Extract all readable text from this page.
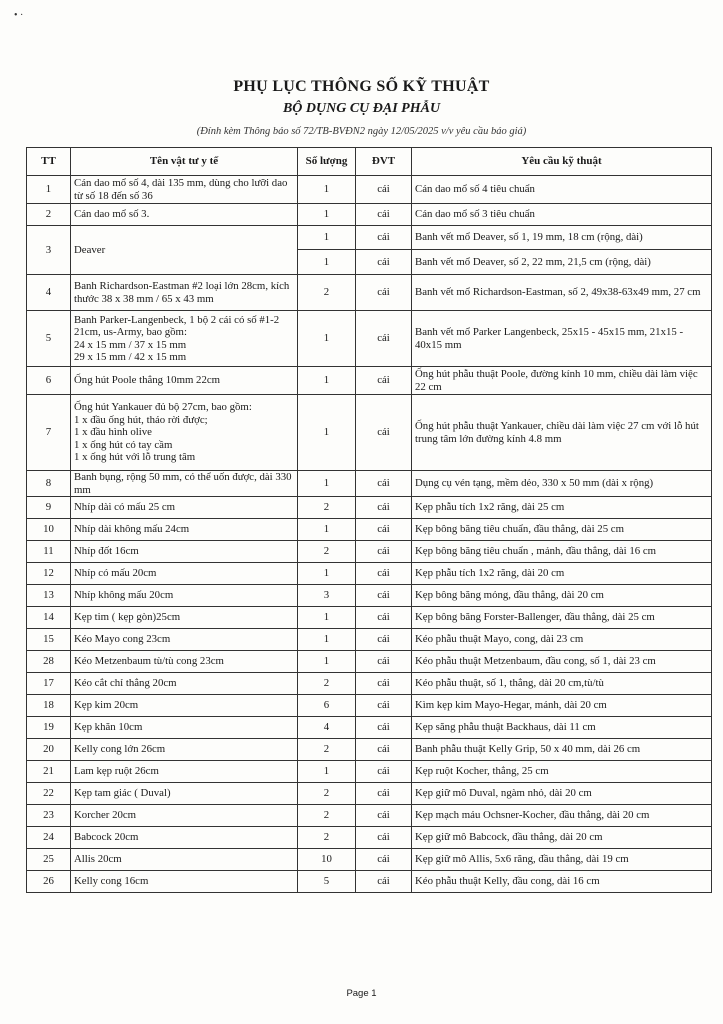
• ·
PHỤ LỤC THÔNG SỐ KỸ THUẬT
BỘ DỤNG CỤ ĐẠI PHẪU
(Đính kèm Thông báo số 72/TB-BVĐN2 ngày 12/05/2025 v/v yêu cầu báo giá)
TT	Tên vật tư y tế	Số lượng	ĐVT	Yêu cầu kỹ thuật
1	Cán dao mổ số 4, dài 135 mm, dùng cho lưỡi dao từ số 18 đến số 36	1	cái	Cán dao mổ số 4 tiêu chuẩn
2	Cán dao mổ số 3.	1	cái	Cán dao mổ số 3 tiêu chuẩn
3	Deaver	1	cái	Banh vết mổ Deaver, số 1, 19 mm, 18 cm (rộng, dài)
		1	cái	Banh vết mổ Deaver, số 2, 22 mm, 21,5 cm (rộng, dài)
4	Banh Richardson-Eastman #2 loại lớn 28cm, kích thước 38 x 38 mm / 65 x 43 mm	2	cái	Banh vết mổ Richardson-Eastman, số 2, 49x38-63x49 mm, 27 cm
5	Banh Parker-Langenbeck, 1 bộ 2 cái có số #1-2 21cm, us-Army, bao gồm:
24 x 15 mm / 37 x 15 mm
29 x 15 mm / 42 x 15 mm	1	cái	Banh vết mổ Parker Langenbeck, 25x15 - 45x15 mm, 21x15 - 40x15 mm
6	Ống hút Poole thẳng 10mm 22cm	1	cái	Ống hút phẫu thuật Poole, đường kính 10 mm, chiều dài làm việc 22 cm
7	Ống hút Yankauer đủ bộ 27cm, bao gồm:
1 x đầu ống hút, tháo rời được;
1 x đầu hình olive
1 x ống hút có tay cầm
1 x ống hút với lỗ trung tâm	1	cái	Ống hút phẫu thuật Yankauer, chiều dài làm việc 27 cm với lỗ hút trung tâm lớn đường kính 4.8 mm
8	Banh bụng, rộng 50 mm, có thể uốn được, dài 330 mm	1	cái	Dụng cụ vén tạng, mềm dẻo, 330 x 50 mm (dài x rộng)
9	Nhíp dài có mấu 25 cm	2	cái	Kẹp phẫu tích 1x2 răng, dài 25 cm
10	Nhíp dài không mấu 24cm	1	cái	Kẹp bông băng tiêu chuẩn, đầu thẳng, dài 25 cm
11	Nhíp đốt 16cm	2	cái	Kẹp bông băng tiêu chuẩn , mảnh, đầu thẳng, dài 16 cm
12	Nhíp có mấu 20cm	1	cái	Kẹp phẫu tích 1x2 răng, dài 20 cm
13	Nhíp không mấu 20cm	3	cái	Kẹp bông băng mỏng, đầu thẳng, dài 20 cm
14	Kẹp tim ( kẹp gòn)25cm	1	cái	Kẹp bông băng Forster-Ballenger, đầu thẳng, dài 25 cm
15	Kéo Mayo cong 23cm	1	cái	Kéo phẫu thuật Mayo, cong, dài 23 cm
28	Kéo Metzenbaum tù/tù cong 23cm	1	cái	Kéo phẫu thuật Metzenbaum, đầu cong, số 1, dài 23 cm
17	Kéo cắt chỉ thẳng 20cm	2	cái	Kéo phẫu thuật, số 1, thẳng, dài 20 cm,tù/tù
18	Kẹp kim 20cm	6	cái	Kìm kẹp kim Mayo-Hegar, mảnh, dài 20 cm
19	Kẹp khăn 10cm	4	cái	Kẹp săng phẫu thuật Backhaus, dài 11 cm
20	Kelly cong lớn 26cm	2	cái	Banh phẫu thuật Kelly Grip, 50 x 40 mm, dài 26 cm
21	Lam kẹp ruột 26cm	1	cái	Kẹp ruột Kocher, thẳng, 25 cm
22	Kẹp tam giác ( Duval)	2	cái	Kẹp giữ mô Duval, ngàm nhỏ, dài 20 cm
23	Korcher 20cm	2	cái	Kẹp mạch máu Ochsner-Kocher, đầu thẳng, dài 20 cm
24	Babcock 20cm	2	cái	Kẹp giữ mô Babcock, đầu thẳng, dài 20 cm
25	Allis 20cm	10	cái	Kẹp giữ mô Allis, 5x6 răng, đầu thẳng, dài 19 cm
26	Kelly cong 16cm	5	cái	Kéo phẫu thuật Kelly, đầu cong, dài 16 cm
Page 1
